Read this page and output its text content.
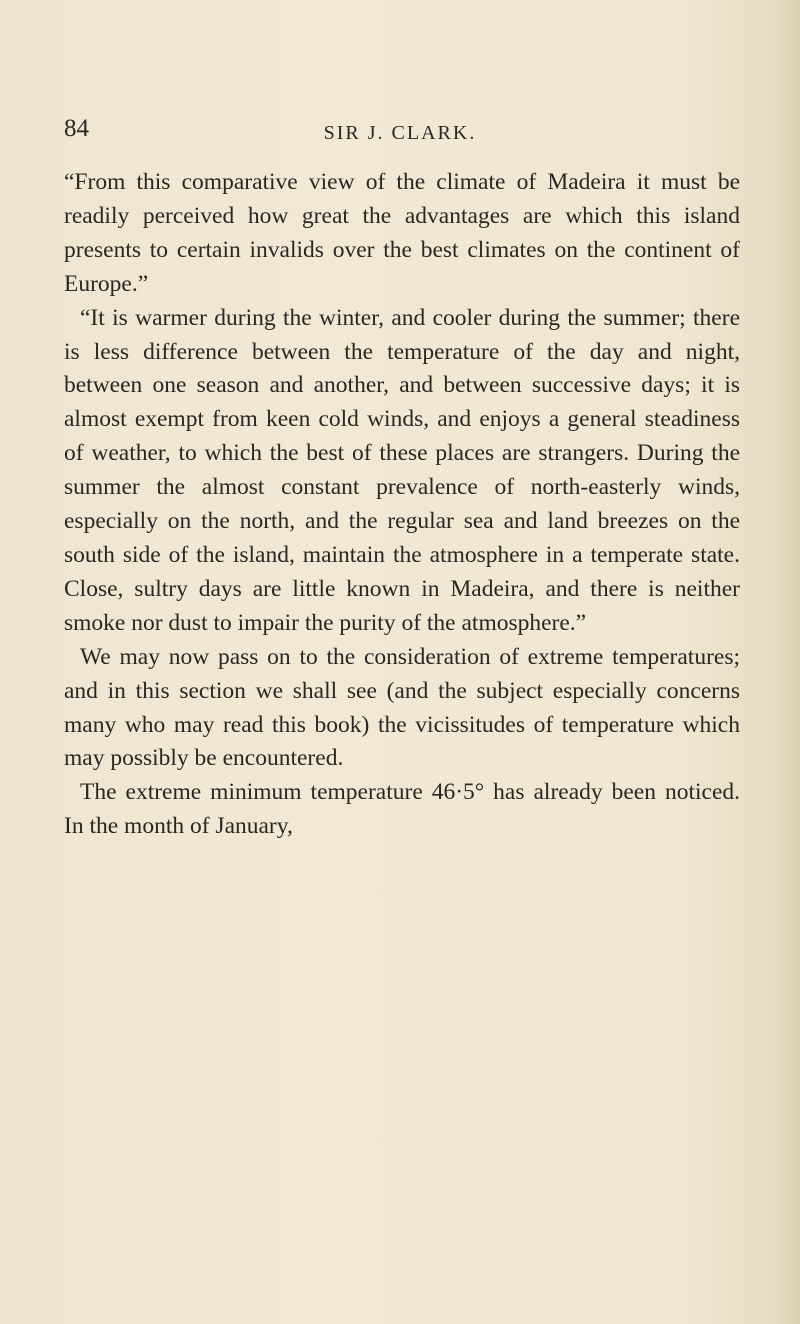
84	SIR J. CLARK.

“From this comparative view of the climate of Madeira it must be readily perceived how great the advantages are which this island presents to certain invalids over the best climates on the continent of Europe.”

“It is warmer during the winter, and cooler during the summer; there is less difference between the temperature of the day and night, between one season and another, and between successive days; it is almost exempt from keen cold winds, and enjoys a general steadiness of weather, to which the best of these places are strangers. During the summer the almost constant prevalence of north-easterly winds, especially on the north, and the regular sea and land breezes on the south side of the island, maintain the atmosphere in a temperate state. Close, sultry days are little known in Madeira, and there is neither smoke nor dust to impair the purity of the atmosphere.”

We may now pass on to the consideration of extreme temperatures; and in this section we shall see (and the subject especially concerns many who may read this book) the vicissitudes of temperature which may possibly be encountered.

The extreme minimum temperature 46·5° has already been noticed. In the month of January,
